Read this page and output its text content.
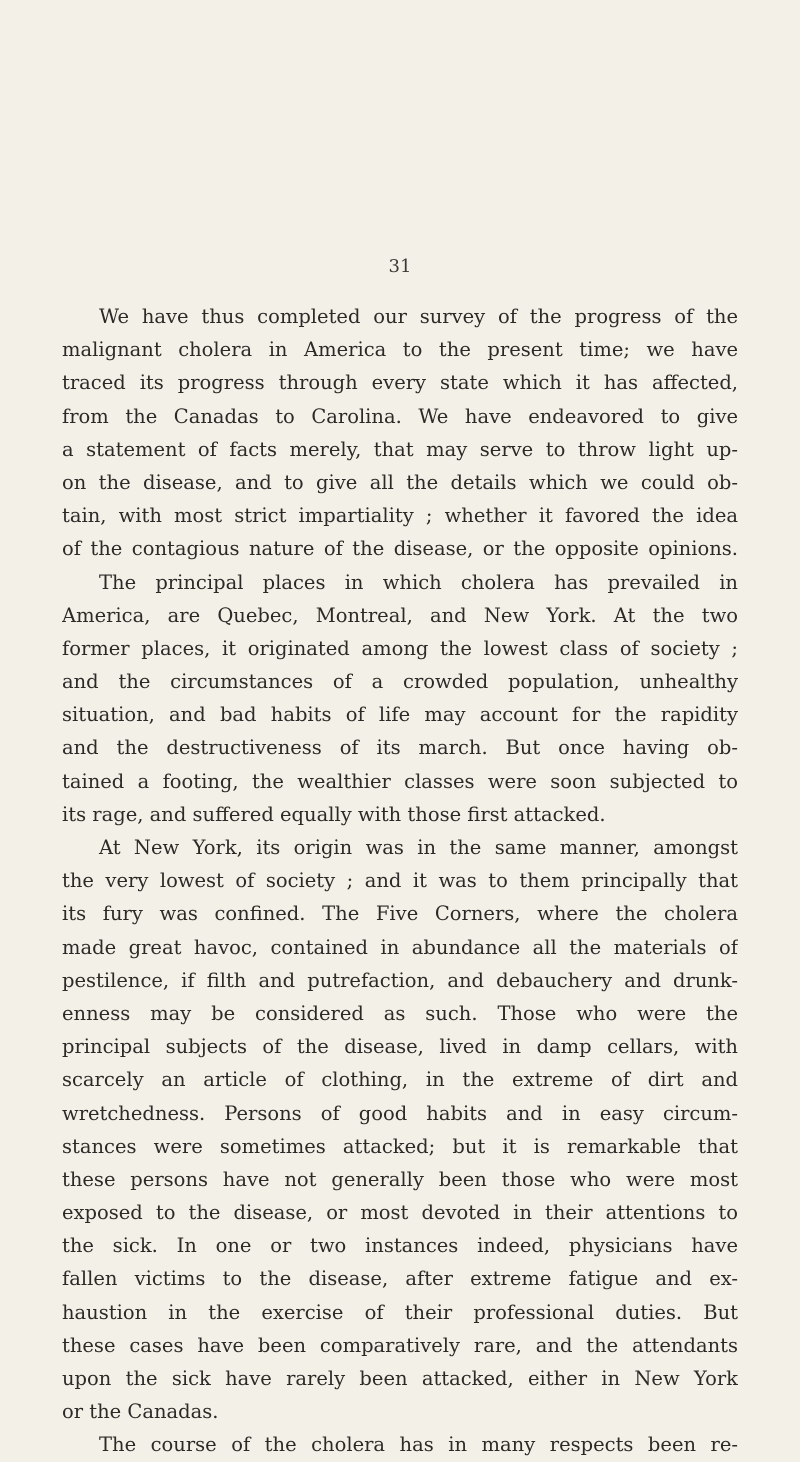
31
We have thus completed our survey of the progress of the
malignant cholera in America to the present time; we have
traced its progress through every state which it has affected,
from the Canadas to Carolina. We have endeavored to give
a statement of facts merely, that may serve to throw light up-
on the disease, and to give all the details which we could ob-
tain, with most strict impartiality ; whether it favored the idea
of the contagious nature of the disease, or the opposite opinions.
The principal places in which cholera has prevailed in
America, are Quebec, Montreal, and New York. At the two
former places, it originated among the lowest class of society ;
and the circumstances of a crowded population, unhealthy
situation, and bad habits of life may account for the rapidity
and the destructiveness of its march. But once having ob-
tained a footing, the wealthier classes were soon subjected to
its rage, and suffered equally with those first attacked.
At New York, its origin was in the same manner, amongst
the very lowest of society ; and it was to them principally that
its fury was confined. The Five Corners, where the cholera
made great havoc, contained in abundance all the materials of
pestilence, if filth and putrefaction, and debauchery and drunk-
enness may be considered as such. Those who were the
principal subjects of the disease, lived in damp cellars, with
scarcely an article of clothing, in the extreme of dirt and
wretchedness. Persons of good habits and in easy circum-
stances were sometimes attacked; but it is remarkable that
these persons have not generally been those who were most
exposed to the disease, or most devoted in their attentions to
the sick. In one or two instances indeed, physicians have
fallen victims to the disease, after extreme fatigue and ex-
haustion in the exercise of their professional duties. But
these cases have been comparatively rare, and the attendants
upon the sick have rarely been attacked, either in New York
or the Canadas.
The course of the cholera has in many respects been re-
